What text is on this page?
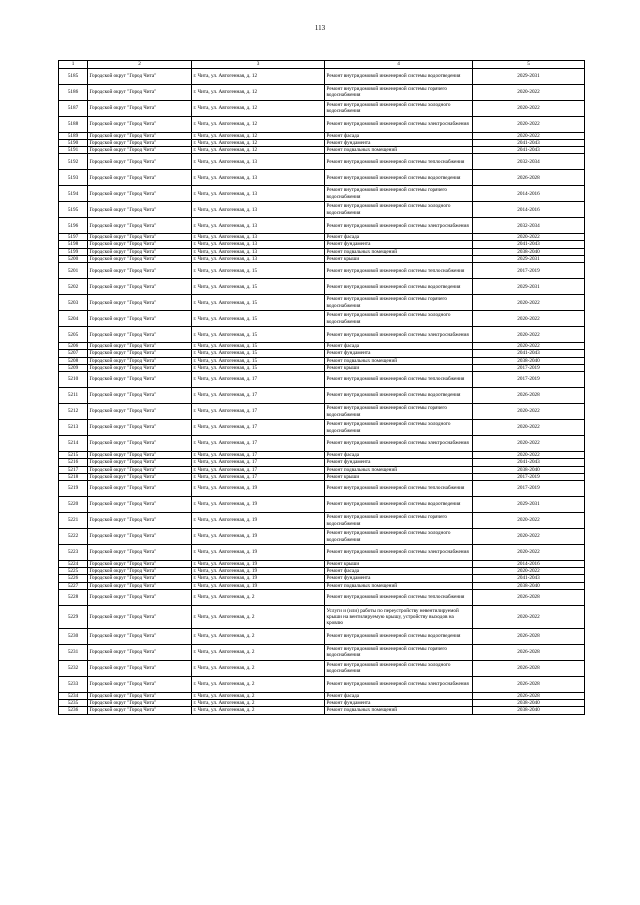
113
1	2	3	4	5
5185	Городской округ "Город Чита"	г. Чита, ул. Автогенная, д. 12	Ремонт внутридомовой инженерной системы водоотведения	2029-2031
5186	Городской округ "Город Чита"	г. Чита, ул. Автогенная, д. 12	Ремонт внутридомовой инженерной системы горячего водоснабжения	2020-2022
5187	Городской округ "Город Чита"	г. Чита, ул. Автогенная, д. 12	Ремонт внутридомовой инженерной системы холодного водоснабжения	2020-2022
5188	Городской округ "Город Чита"	г. Чита, ул. Автогенная, д. 12	Ремонт внутридомовой инженерной системы электроснабжения	2020-2022
5189	Городской округ "Город Чита"	г. Чита, ул. Автогенная, д. 12	Ремонт фасада	2020-2022
5190	Городской округ "Город Чита"	г. Чита, ул. Автогенная, д. 12	Ремонт фундамента	2041-2043
5191	Городской округ "Город Чита"	г. Чита, ул. Автогенная, д. 12	Ремонт подвальных помещений	2041-2043
5192	Городской округ "Город Чита"	г. Чита, ул. Автогенная, д. 13	Ремонт внутридомовой инженерной системы теплоснабжения	2032-2034
5193	Городской округ "Город Чита"	г. Чита, ул. Автогенная, д. 13	Ремонт внутридомовой инженерной системы водоотведения	2026-2028
5194	Городской округ "Город Чита"	г. Чита, ул. Автогенная, д. 13	Ремонт внутридомовой инженерной системы горячего водоснабжения	2014-2016
5195	Городской округ "Город Чита"	г. Чита, ул. Автогенная, д. 13	Ремонт внутридомовой инженерной системы холодного водоснабжения	2014-2016
5196	Городской округ "Город Чита"	г. Чита, ул. Автогенная, д. 13	Ремонт внутридомовой инженерной системы электроснабжения	2032-2034
5197	Городской округ "Город Чита"	г. Чита, ул. Автогенная, д. 13	Ремонт фасада	2020-2022
5198	Городской округ "Город Чита"	г. Чита, ул. Автогенная, д. 13	Ремонт фундамента	2041-2043
5199	Городской округ "Город Чита"	г. Чита, ул. Автогенная, д. 13	Ремонт подвальных помещений	2038-2040
5200	Городской округ "Город Чита"	г. Чита, ул. Автогенная, д. 13	Ремонт крыши	2029-2031
5201	Городской округ "Город Чита"	г. Чита, ул. Автогенная, д. 15	Ремонт внутридомовой инженерной системы теплоснабжения	2017-2019
5202	Городской округ "Город Чита"	г. Чита, ул. Автогенная, д. 15	Ремонт внутридомовой инженерной системы водоотведения	2029-2031
5203	Городской округ "Город Чита"	г. Чита, ул. Автогенная, д. 15	Ремонт внутридомовой инженерной системы горячего водоснабжения	2020-2022
5204	Городской округ "Город Чита"	г. Чита, ул. Автогенная, д. 15	Ремонт внутридомовой инженерной системы холодного водоснабжения	2020-2022
5205	Городской округ "Город Чита"	г. Чита, ул. Автогенная, д. 15	Ремонт внутридомовой инженерной системы электроснабжения	2020-2022
5206	Городской округ "Город Чита"	г. Чита, ул. Автогенная, д. 15	Ремонт фасада	2020-2022
5207	Городской округ "Город Чита"	г. Чита, ул. Автогенная, д. 15	Ремонт фундамента	2041-2043
5208	Городской округ "Город Чита"	г. Чита, ул. Автогенная, д. 15	Ремонт подвальных помещений	2038-2040
5209	Городской округ "Город Чита"	г. Чита, ул. Автогенная, д. 15	Ремонт крыши	2017-2019
5210	Городской округ "Город Чита"	г. Чита, ул. Автогенная, д. 17	Ремонт внутридомовой инженерной системы теплоснабжения	2017-2019
5211	Городской округ "Город Чита"	г. Чита, ул. Автогенная, д. 17	Ремонт внутридомовой инженерной системы водоотведения	2026-2028
5212	Городской округ "Город Чита"	г. Чита, ул. Автогенная, д. 17	Ремонт внутридомовой инженерной системы горячего водоснабжения	2020-2022
5213	Городской округ "Город Чита"	г. Чита, ул. Автогенная, д. 17	Ремонт внутридомовой инженерной системы холодного водоснабжения	2020-2022
5214	Городской округ "Город Чита"	г. Чита, ул. Автогенная, д. 17	Ремонт внутридомовой инженерной системы электроснабжения	2020-2022
5215	Городской округ "Город Чита"	г. Чита, ул. Автогенная, д. 17	Ремонт фасада	2020-2022
5216	Городской округ "Город Чита"	г. Чита, ул. Автогенная, д. 17	Ремонт фундамента	2041-2043
5217	Городской округ "Город Чита"	г. Чита, ул. Автогенная, д. 17	Ремонт подвальных помещений	2038-2040
5218	Городской округ "Город Чита"	г. Чита, ул. Автогенная, д. 17	Ремонт крыши	2017-2019
5219	Городской округ "Город Чита"	г. Чита, ул. Автогенная, д. 19	Ремонт внутридомовой инженерной системы теплоснабжения	2017-2019
5220	Городской округ "Город Чита"	г. Чита, ул. Автогенная, д. 19	Ремонт внутридомовой инженерной системы водоотведения	2029-2031
5221	Городской округ "Город Чита"	г. Чита, ул. Автогенная, д. 19	Ремонт внутридомовой инженерной системы горячего водоснабжения	2020-2022
5222	Городской округ "Город Чита"	г. Чита, ул. Автогенная, д. 19	Ремонт внутридомовой инженерной системы холодного водоснабжения	2020-2022
5223	Городской округ "Город Чита"	г. Чита, ул. Автогенная, д. 19	Ремонт внутридомовой инженерной системы электроснабжения	2020-2022
5224	Городской округ "Город Чита"	г. Чита, ул. Автогенная, д. 19	Ремонт крыши	2014-2016
5225	Городской округ "Город Чита"	г. Чита, ул. Автогенная, д. 19	Ремонт фасада	2020-2022
5226	Городской округ "Город Чита"	г. Чита, ул. Автогенная, д. 19	Ремонт фундамента	2041-2043
5227	Городской округ "Город Чита"	г. Чита, ул. Автогенная, д. 19	Ремонт подвальных помещений	2038-2040
5228	Городской округ "Город Чита"	г. Чита, ул. Автогенная, д. 2	Ремонт внутридомовой инженерной системы теплоснабжения	2026-2028
5229	Городской округ "Город Чита"	г. Чита, ул. Автогенная, д. 2	Услуги и (или) работы по переустройству невентилируемой крыши на вентилируемую крышу, устройству выходов на кровлю	2020-2022
5230	Городской округ "Город Чита"	г. Чита, ул. Автогенная, д. 2	Ремонт внутридомовой инженерной системы водоотведения	2026-2028
5231	Городской округ "Город Чита"	г. Чита, ул. Автогенная, д. 2	Ремонт внутридомовой инженерной системы горячего водоснабжения	2026-2028
5232	Городской округ "Город Чита"	г. Чита, ул. Автогенная, д. 2	Ремонт внутридомовой инженерной системы холодного водоснабжения	2026-2028
5233	Городской округ "Город Чита"	г. Чита, ул. Автогенная, д. 2	Ремонт внутридомовой инженерной системы электроснабжения	2026-2028
5234	Городской округ "Город Чита"	г. Чита, ул. Автогенная, д. 2	Ремонт фасада	2026-2028
5235	Городской округ "Город Чита"	г. Чита, ул. Автогенная, д. 2	Ремонт фундамента	2038-2040
5236	Городской округ "Город Чита"	г. Чита, ул. Автогенная, д. 2	Ремонт подвальных помещений	2038-2040
